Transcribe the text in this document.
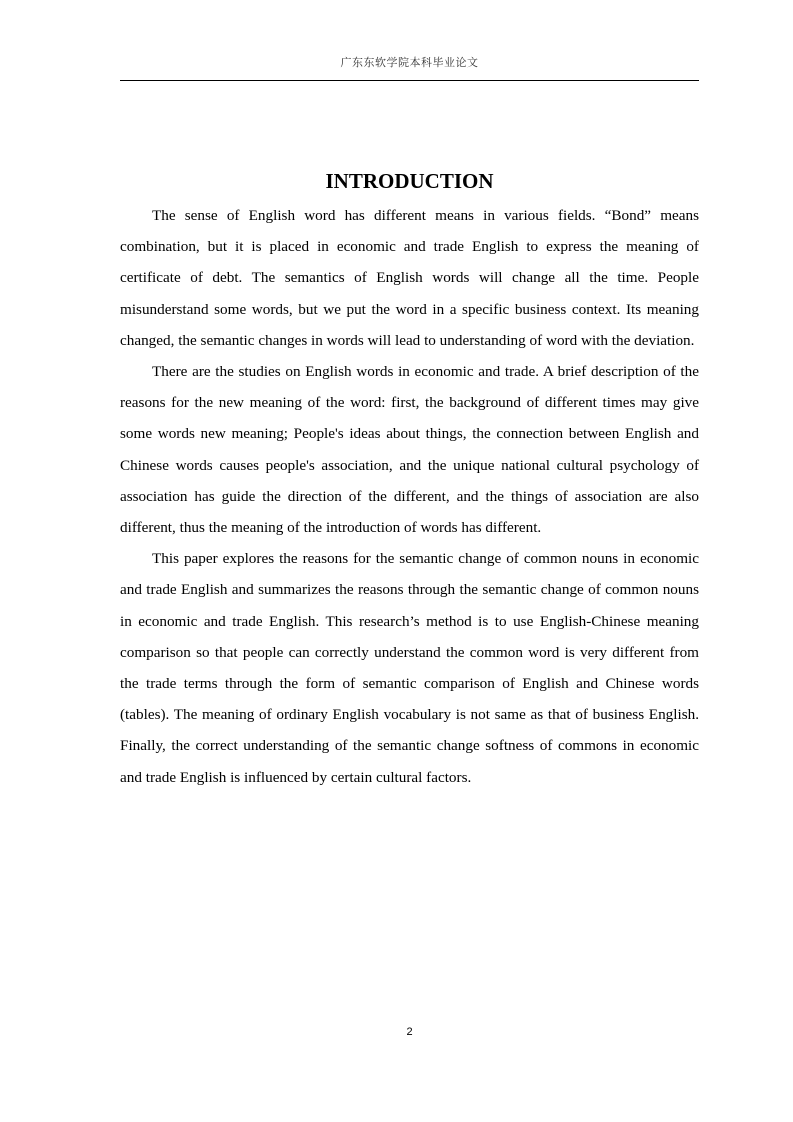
广东东软学院本科毕业论文
INTRODUCTION

The sense of English word has different means in various fields. “Bond” means combination, but it is placed in economic and trade English to express the meaning of certificate of debt. The semantics of English words will change all the time. People misunderstand some words, but we put the word in a specific business context. Its meaning changed, the semantic changes in words will lead to understanding of word with the deviation.

There are the studies on English words in economic and trade. A brief description of the reasons for the new meaning of the word: first, the background of different times may give some words new meaning; People's ideas about things, the connection between English and Chinese words causes people's association, and the unique national cultural psychology of association has guide the direction of the different, and the things of association are also different, thus the meaning of the introduction of words has different.

This paper explores the reasons for the semantic change of common nouns in economic and trade English and summarizes the reasons through the semantic change of common nouns in economic and trade English. This research’s method is to use English-Chinese meaning comparison so that people can correctly understand the common word is very different from the trade terms through the form of semantic comparison of English and Chinese words (tables). The meaning of ordinary English vocabulary is not same as that of business English. Finally, the correct understanding of the semantic change softness of commons in economic and trade English is influenced by certain cultural factors.

2
